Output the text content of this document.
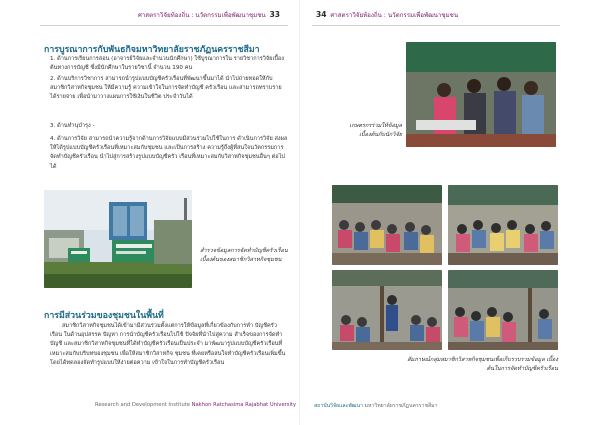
ศาสตราวิจัยท้องถิ่น : นวัตกรรมเพื่อพัฒนาชุมชน 33
การบูรณาการกับพันธกิจมหาวิทยาลัยราชภัฏนครราชสีมา

1. ด้านการเรียนการสอน (อาจารย์วิจัยและจำนวนนักศึกษา) ใช้บูรณาการใน รายวิชาการวิจัยเบื้องต้นทางการบัญชี ซึ่งมีนักศึกษาในรายวิชานี้ จำนวน 190 คน

2. ด้านบริการวิชาการ สามารถนำรูปแบบบัญชีครัวเรือนที่พัฒนาขึ้นมาได้ นำไปถ่ายทอดให้กับสมาชิกวิสาหกิจชุมชน ให้มีความรู้ ความเข้าใจในการจัดทำบัญชี ครัวเรือน และสามารถทราบรายได้รายจ่าย เพื่อนำมาวางแผนการใช้เงินในชีวิต ประจำวันได้

3. ด้านทำนุบำรุง -

4. ด้านการวิจัย สามารถนำความรู้จากด้านการวิจัยแบบมีส่วนร่วมไปใช้ในการ ดำเนินการวิจัย ส่งผลให้ได้รูปแบบบัญชีครัวเรือนที่เหมาะสมกับชุมชน และเป็นการสร้าง ความรู้ถึงผู้ที่สนใจนวัตกรรมการจัดทำบัญชีครัวเรือน นำไปสู่การสร้างรูปแบบบัญชีครัว เรือนที่เหมาะสมกับวิสาหกิจชุมชนอื่นๆ ต่อไปได้

สำรวจข้อมูลการจัดทำบัญชีครัวเรือนเบื้องต้นของสมาชิกวิสาหกิจชุมชน

การมีส่วนร่วมของชุมชนในพื้นที่

สมาชิกวิสาหกิจชุมชนได้เข้ามามีส่วนร่วมตั้งแต่การให้ข้อมูลที่เกี่ยวข้องกับการทำ บัญชีครัวเรือน ในด้านอุปสรรค ปัญหา การนำบัญชีครัวเรือนไปใช้ ปัจจัยที่นำไปสู่ความ สำเร็จของการจัดทำบัญชี และสมาชิกวิสาหกิจชุมชนที่ได้ทำบัญชีครัวเรือนเป็นประจำ มาพัฒนารูปแบบบัญชีครัวเรือนที่เหมาะสมกับบริบทของชุมชน เพื่อให้สมาชิกวิสาหกิจ ชุมชน ที่เคยหรือสนใจทำบัญชีครัวเรือนเพิ่มขึ้น โดยได้ทดลองจัดทำรูปแบบให้ง่ายต่อความ เข้าใจในการทำบัญชีครัวเรือน

Research and Development Institute Nakhon Ratchasima Rajabhat University
34 ศาสตราวิจัยท้องถิ่น : นวัตกรรมเพื่อพัฒนาชุมชน

เกษตรกรร่วมให้ข้อมูลเบื้องต้นกับนักวิจัย

สัมภาษณ์กลุ่มสมาชิกวิสาหกิจชุมชนเพื่อเก็บรวบรวมข้อมูล เบื้องต้นในการจัดทำบัญชีครัวเรือน

สถาบันวิจัยและพัฒนา มหาวิทยาลัยราชภัฏนครราชสีมา
